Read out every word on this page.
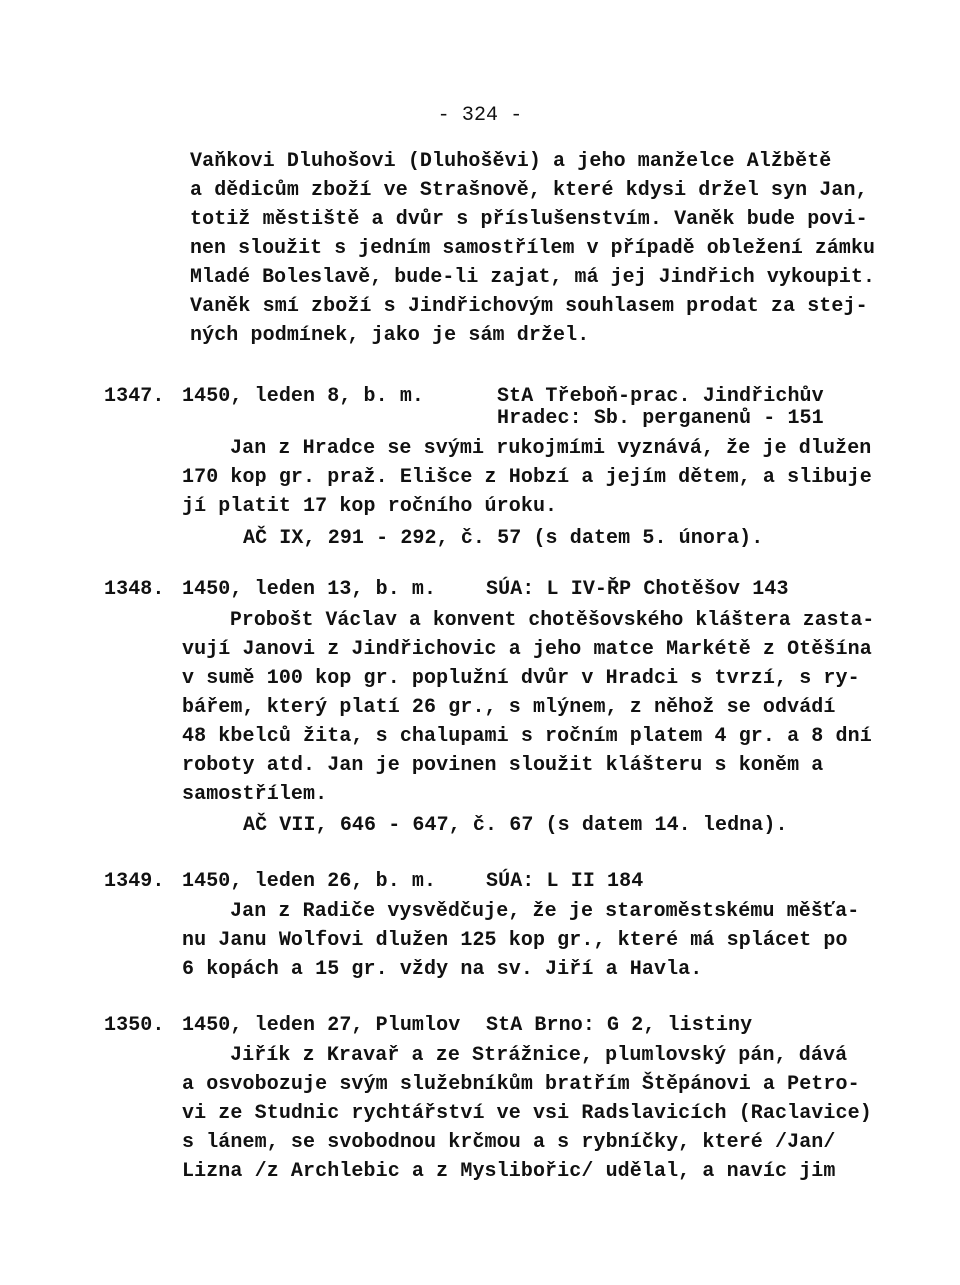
- 324 -
Vaňkovi Dluhošovi (Dluhošěvi) a jeho manželce Alžbětě
a dědicům zboží ve Strašnově, které kdysi držel syn Jan,
totiž městiště a dvůr s příslušenstvím. Vaněk bude povi-
nen sloužit s jedním samostřílem v případě obležení zámku
Mladé Boleslavě, bude-li zajat, má jej Jindřich vykoupit.
Vaněk smí zboží s Jindřichovým souhlasem prodat za stej-
ných podmínek, jako je sám držel.
1347. 1450, leden 8, b. m.	StA Třeboň-prac. Jindřichův
Hradec: Sb. perganenů - 151
Jan z Hradce se svými rukojmími vyznává, že je dlužen
170 kop gr. praž. Elišce z Hobzí a jejím dětem, a slibuje
jí platit 17 kop ročního úroku.
AČ IX, 291 - 292, č. 57 (s datem 5. února).
1348. 1450, leden 13, b. m. SÚA: L IV-ŘP Chotěšov 143
Probošt Václav a konvent chotěšovského kláštera zasta-
vují Janovi z Jindřichovic a jeho matce Markétě z Otěšína
v sumě 100 kop gr. poplužní dvůr v Hradci s tvrzí, s ry-
bářem, který platí 26 gr., s mlýnem, z něhož se odvádí
48 kbelců žita, s chalupami s ročním platem 4 gr. a 8 dní
roboty atd. Jan je povinen sloužit klášteru s koněm a
samostřílem.
AČ VII, 646 - 647, č. 67 (s datem 14. ledna).
1349. 1450, leden 26, b. m. SÚA: L II 184
Jan z Radiče vysvědčuje, že je staroměstskému měšťa-
nu Janu Wolfovi dlužen 125 kop gr., které má splácet po
6 kopách a 15 gr. vždy na sv. Jiří a Havla.
1350. 1450, leden 27, Plumlov StA Brno: G 2, listiny
Jiřík z Kravař a ze Strážnice, plumlovský pán, dává
a osvobozuje svým služebníkům bratřím Štěpánovi a Petro-
vi ze Studnic rychtářství ve vsi Radslavicích (Raclavice)
s lánem, se svobodnou krčmou a s rybníčky, které /Jan/
Lizna /z Archlebic a z Myslibořic/ udělal, a navíc jim
